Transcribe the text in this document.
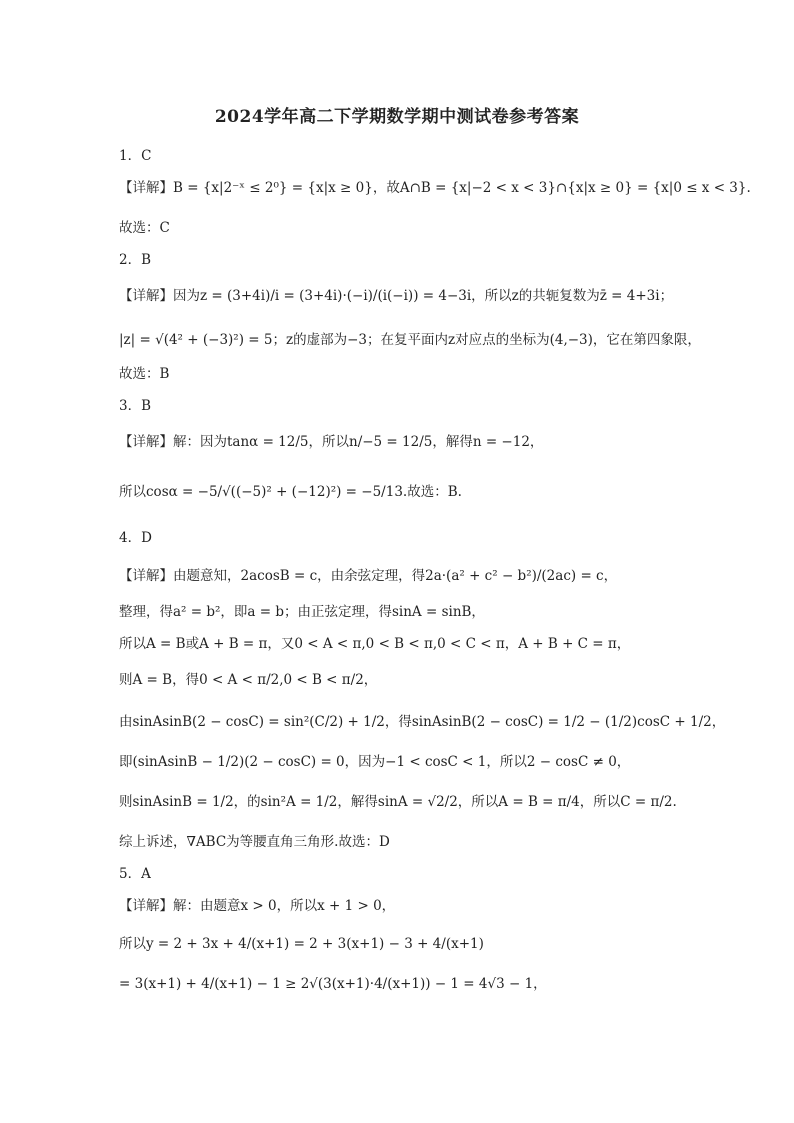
2024学年高二下学期数学期中测试卷参考答案
1．C
【详解】B = {x|2⁻ˣ ≤ 2⁰} = {x|x ≥ 0}，故A∩B = {x|−2 < x < 3}∩{x|x ≥ 0} = {x|0 ≤ x < 3}.
故选：C
2．B
【详解】因为z = (3+4i)/i = (3+4i)·(−i)/(i(−i)) = 4−3i，所以z的共轭复数为z̄ = 4+3i；
|z| = √(4² + (−3)²) = 5；z的虚部为−3；在复平面内z对应点的坐标为(4,−3)，它在第四象限，
故选：B
3．B
【详解】解：因为tanα = 12/5，所以n/−5 = 12/5，解得n = −12，
所以cosα = −5/√((−5)² + (−12)²) = −5/13.故选：B.
4．D
【详解】由题意知，2acosB = c，由余弦定理，得2a·(a² + c² − b²)/(2ac) = c，
整理，得a² = b²，即a = b；由正弦定理，得sinA = sinB，
所以A = B或A + B = π，又0 < A < π,0 < B < π,0 < C < π，A + B + C = π，
则A = B，得0 < A < π/2,0 < B < π/2，
由sinAsinB(2 − cosC) = sin²(C/2) + 1/2，得sinAsinB(2 − cosC) = 1/2 − (1/2)cosC + 1/2，
即(sinAsinB − 1/2)(2 − cosC) = 0，因为−1 < cosC < 1，所以2 − cosC ≠ 0，
则sinAsinB = 1/2，的sin²A = 1/2，解得sinA = √2/2，所以A = B = π/4，所以C = π/2.
综上诉述，∇ABC为等腰直角三角形.故选：D
5．A
【详解】解：由题意x > 0，所以x + 1 > 0，
所以y = 2 + 3x + 4/(x+1) = 2 + 3(x+1) − 3 + 4/(x+1)
= 3(x+1) + 4/(x+1) − 1 ≥ 2√(3(x+1)·4/(x+1)) − 1 = 4√3 − 1，
